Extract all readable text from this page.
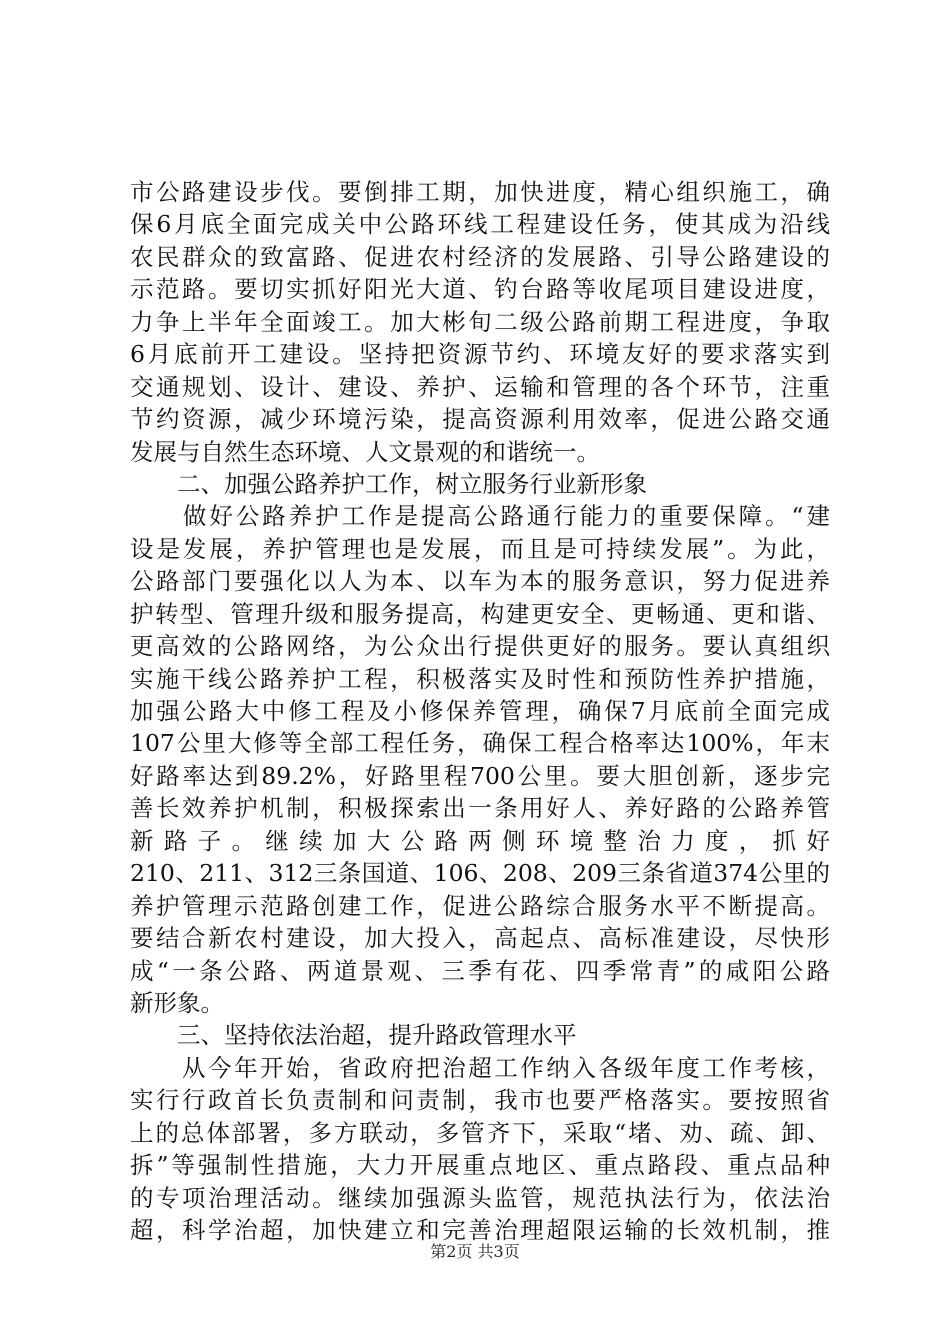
市公路建设步伐。要倒排工期，加快进度，精心组织施工，确
保6月底全面完成关中公路环线工程建设任务，使其成为沿线
农民群众的致富路、促进农村经济的发展路、引导公路建设的
示范路。要切实抓好阳光大道、钓台路等收尾项目建设进度，
力争上半年全面竣工。加大彬旬二级公路前期工程进度，争取
6月底前开工建设。坚持把资源节约、环境友好的要求落实到
交通规划、设计、建设、养护、运输和管理的各个环节，注重
节约资源，减少环境污染，提高资源利用效率，促进公路交通
发展与自然生态环境、人文景观的和谐统一。
　　二、加强公路养护工作，树立服务行业新形象
　　做好公路养护工作是提高公路通行能力的重要保障。“建
设是发展，养护管理也是发展，而且是可持续发展”。为此，
公路部门要强化以人为本、以车为本的服务意识，努力促进养
护转型、管理升级和服务提高，构建更安全、更畅通、更和谐、
更高效的公路网络，为公众出行提供更好的服务。要认真组织
实施干线公路养护工程，积极落实及时性和预防性养护措施，
加强公路大中修工程及小修保养管理，确保7月底前全面完成
107公里大修等全部工程任务，确保工程合格率达100%，年末
好路率达到89.2%，好路里程700公里。要大胆创新，逐步完
善长效养护机制，积极探索出一条用好人、养好路的公路养管
新路子。继续加大公路两侧环境整治力度，抓好
210、211、312三条国道、106、208、209三条省道374公里的
养护管理示范路创建工作，促进公路综合服务水平不断提高。
要结合新农村建设，加大投入，高起点、高标准建设，尽快形
成“一条公路、两道景观、三季有花、四季常青”的咸阳公路
新形象。
　　三、坚持依法治超，提升路政管理水平
　　从今年开始，省政府把治超工作纳入各级年度工作考核，
实行行政首长负责制和问责制，我市也要严格落实。要按照省
上的总体部署，多方联动，多管齐下，采取“堵、劝、疏、卸、
拆”等强制性措施，大力开展重点地区、重点路段、重点品种
的专项治理活动。继续加强源头监管，规范执法行为，依法治
超，科学治超，加快建立和完善治理超限运输的长效机制，推
第2页 共3页
